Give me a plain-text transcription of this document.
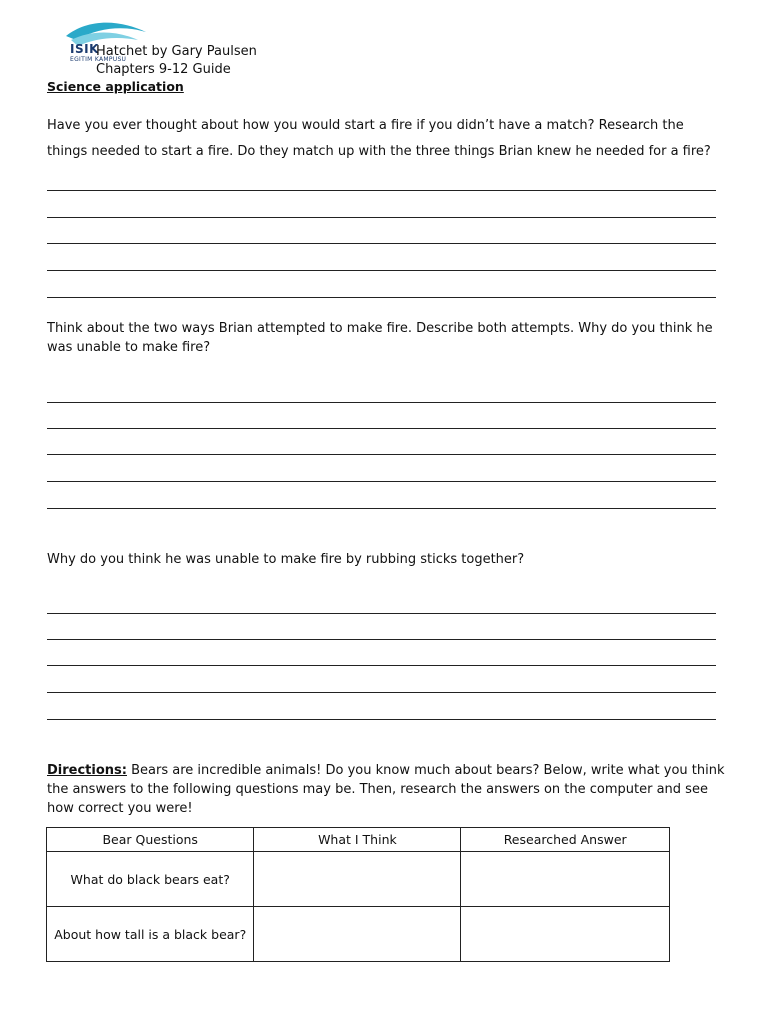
ISIK
EGITIM KAMPUSU
Hatchet by Gary Paulsen
Chapters 9-12 Guide
Science application
Have you ever thought about how you would start a fire if you didn’t have a match? Research the things needed to start a fire. Do they match up with the three things Brian knew he needed for a fire?
Think about the two ways Brian attempted to make fire. Describe both attempts. Why do you think he was unable to make fire?
Why do you think he was unable to make fire by rubbing sticks together?
Directions: Bears are incredible animals! Do you know much about bears? Below, write what you think the answers to the following questions may be. Then, research the answers on the computer and see how correct you were!
Bear Questions	What I Think	Researched Answer
What do black bears eat?		
About how tall is a black bear?		
